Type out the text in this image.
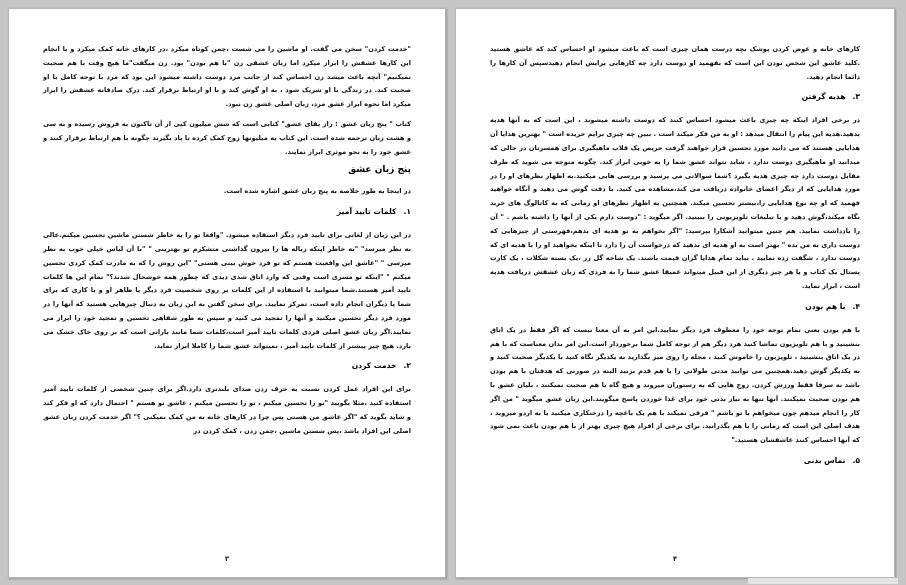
"خدمت کردن" سخن می گفت. او ماشین را می شست ،چمن کوتاه میکرد ،در کارهای خانه کمک میکرد و با انجام این کارها عشقش را ابراز میکرد اما زبان عشقی زن "با هم بودن" بود. زن میگفت"ما هیچ وقت با هم صحبت نمیکنیم" آنچه باعث میشد زن احساس کند از جانب مرد دوست داشته میشود این بود که مرد با توجه کامل با او صحبت کند. در زندگی با او شریک شود ، به او گوش کند و با او ارتباط برقرار کند. درک صادقانه عشقش را ابراز میکرد اما نحوه ابراز عشق مرد، زبان اصلی عشق زن نبود.

کتاب " پنج زبان عشق : راز بقای عشق" کتابی است که شش میلیون کپی از آن تاکنون به فروش رسیده و به سی و هشت زبان ترجمه شده است. این کتاب به میلیونها زوج کمک کرده تا یاد بگیرند چگونه با هم ارتباط برقرار کنند و عشق خود را به نحو موثری ابراز نمایند.

پنج زبان عشق

در اینجا به طور خلاصه به پنج زبان عشق اشاره شده است.

۱.کلمات تایید آمیز

در این زبان از لغاتی برای تایید فرد دیگر استفاده میشود. "واقعا تو را به خاطر شستن ماشین تحسین میکنم.عالی به نظر میرسد" "به خاطر اینکه زباله ها را بیرون گذاشتی متشکرم تو بهترینی " "با آن لباس خیلی خوب به نظر میرسی " "عاشق این واقعیت هستم که تو فرد خوش بینی هستی" "این روش را که به مادرت کمک کردی تحسین میکنم " "اینکه تو مسری است وقتی که وارد اتاق شدی دیدی که چطور همه خوشحال شدند؟" تمام این ها کلمات تایید آمیز هستند.شما میتوانید با استفاده از این کلمات بر روی شخصیت فرد دیگر یا ظاهر او و یا کاری که برای شما یا دیگران انجام داده است، تمرکز نمایید. برای سخن گفتن به این زبان به دنبال چیزهایی هستید که آنها را در مورد فرد دیگر تحسین میکنید و آنها را تمجید می کنید و سپس به طور شفاهی تحسین و تمجید خود را ابراز می نمایید.اگر زبان عشق اصلی فردی کلمات تایید آمیز است،کلمات شما مانند بارانی است که بر روی خاک خشک می بارد. هیچ چیز بیشتر از کلمات تایید آمیز ، نمیتواند عشق شما را کاملا ابراز نماید.

۲.خدمت کردن

برای این افراد عمل کردن نسبت به حرف زدن صدای بلندتری دارد.اگر برای چنین شخصی از کلمات تایید آمیز استفاده کنید ،مثلا بگویید "تو را تحسین میکنم ، تو را تحسین میکنم ، عاشق تو هستم " احتمال دارد که او فکر کند و شاید بگوید که "اگر عاشق من هستی پس چرا در کارهای خانه به من کمک نمیکنی ؟" اگر خدمت کردن زبان عشق اصلی این افراد باشد ،پس شستن ماشین ،چمن زدن ، کمک کردن در

۳

کارهای خانه و عوض کردن پوشک بچه درست همان چیزی است که باعث میشود او احساس کند که عاشق هستید .کلید عاشق این شخص بودن این است که بفهمید او دوست دارد چه کارهایی برایش انجام دهیدسپس آن کارها را دائما انجام دهید.

۳.هدیه گرفتن

در برخی افراد اینکه چه چیزی باعث میشود احساس کنند که دوست داشته میشوند ، این است که به آنها هدیه بدهید.هدیه این پیام را انتقال میدهد : او به من فکر میکند است . ببین چه چیزی برایم خریده است " بهترین هدایا آن هدایایی هستند که می دانید مورد تحسین قرار خواهند گرفت حریص یک قلاب ماهیگیری برای همسرتان در حالی که میدانید او ماهیگیری دوست ندارد ، شاید نتواند عشق شما را به خوبی ابراز کند. چگونه متوجه می شوید که طرف مقابل دوست دارد چه چیزی هدیه بگیرد ؟شما سوالاتی می پرسید و بررسی هایی میکنید.به اظهار نظرهای او را در مورد هدایایی که از دیگر اعضای خانواده دریافت می کند،مشاهده می کنید. با دقت گوش می دهید و آنگاه خواهید فهمید که او چه نوع هدایایی را،بیشتر تحسین میکند. همچنین به اظهار نظرهای او زمانی که به کاتالوگ های خرید نگاه میکند،گوش دهید و یا تبلیغات تلویزیونی را ببینید. اگر میگوید : "دوست دارم یکی از آنها را داشته باشم . " آن را یادداشت نمایید. هم چنین میتوانید آشکارا بپرسید: "اگر بخواهم به تو هدیه ای بدهم،فهرستی از چیزهایی که دوست داری به من بده " بهتر است به او هدیه ای بدهید که درخواست آن را دارد تا اینکه بخواهید او را با هدیه ای که دوست ندارد ، شگفت زده نمایید . نباید تمام هدایا گران قیمت باشند. یک شاخه گل رز ،یک بسته شکلات ، یک کارت پستال یک کتاب و یا هر چیز دیگری از این قبیل میتواند عمیقا عشق شما را به فردی که زبان عشقش دریافت هدیه است ، ابراز نماید.

۴.با هم بودن

با هم بودن یعنی تمام توجه خود را معطوف فرد دیگر نمایید.این امر به آن معنا نیست که اگر فقط در یک اتاق بنشینید و با هم تلویزیون تماشا کنید هرد دیگر هم از توجه کامل شما برخوردار است.این امر بدان معناست که با هم در یک اتاق بنشینید ، تلویزیون را خاموش کنید ، مجله را روی میز بگذارید به یکدیگر نگاه کنید با یکدیگر صحبت کنید و به یکدیگر گوش دهید.همچنین می توانید مدتی طولانی را با هم قدم بزنید البته در صورتی که هدفتان با هم بودن باشد نه سرفا فقط ورزش کردن. زوج هایی که به رستوران میروند و هیچ گاه با هم صحبت نمیکنند ، بلیان عشق با هم بودن صحبت نمیکنند. آنها تنها به نیاز بدنی خود برای غذا خوردن پاسخ میگویند.این زبان عشق میگوید " من اگر کار را انجام میدهم چون میخواهم با تو باشم " فرقی نمیکند با هم یک باغچه را درختکاری میکنید یا به اردو میروید ، هدف اصلی این است که زمانی را با هم بگذرانید. برای برخی از افراد هیچ چیزی بهتر از با هم بودن باعث نمی شود که آنها احساس کنند عاشقشان هستید."

۵.تماس بدنی
۴
